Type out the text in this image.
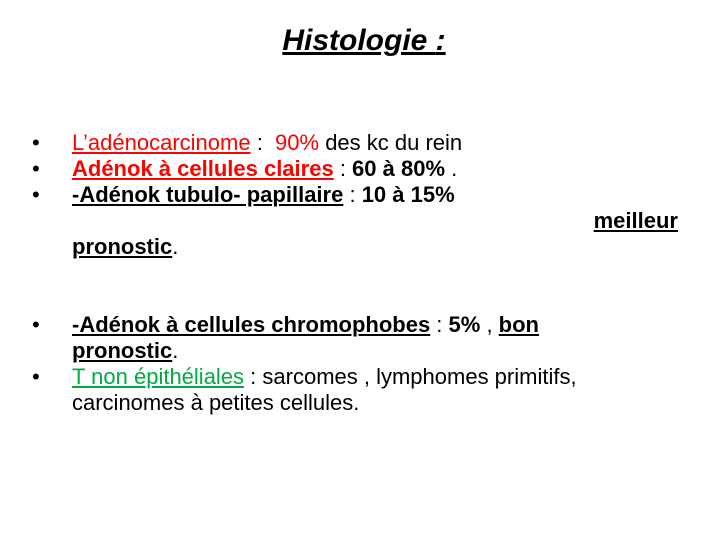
Histologie :
• L’adénocarcinome :  90% des kc du rein
• Adénok à cellules claires : 60 à 80% .
• -Adénok tubulo- papillaire : 10 à 15%
meilleur
pronostic.
• -Adénok à cellules chromophobes : 5% , bon
pronostic.
• T non épithéliales : sarcomes , lymphomes primitifs, carcinomes à petites cellules.
